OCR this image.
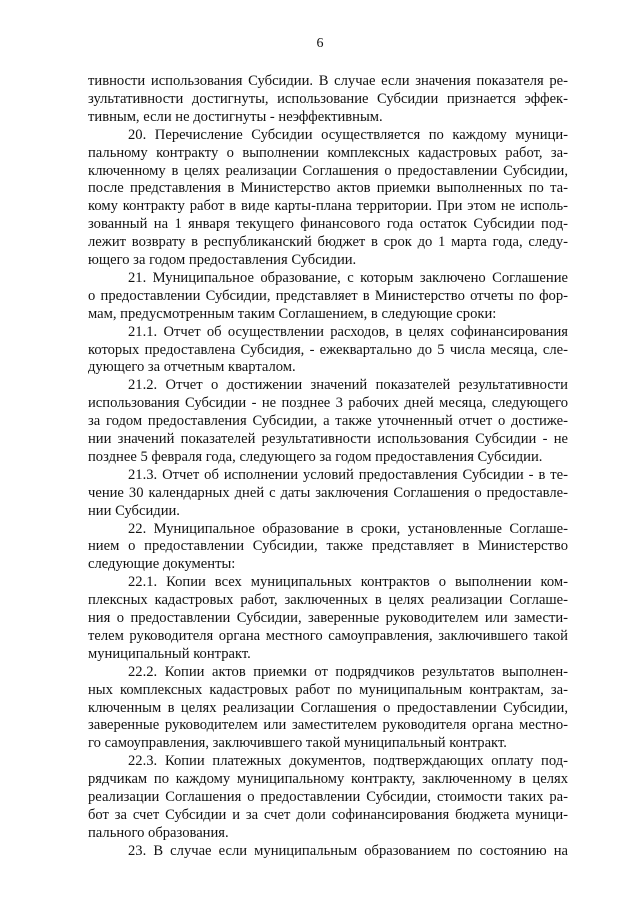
6
тивности использования Субсидии. В случае если значения показателя ре-
зультативности достигнуты, использование Субсидии признается эффек-
тивным, если не достигнуты - неэффективным.
20. Перечисление Субсидии осуществляется по каждому муници-
пальному контракту о выполнении комплексных кадастровых работ, за-
ключенному в целях реализации Соглашения о предоставлении Субсидии,
после представления в Министерство актов приемки выполненных по та-
кому контракту работ в виде карты-плана территории. При этом не исполь-
зованный на 1 января текущего финансового года остаток Субсидии под-
лежит возврату в республиканский бюджет в срок до 1 марта года, следу-
ющего за годом предоставления Субсидии.
21. Муниципальное образование, с которым заключено Соглашение
о предоставлении Субсидии, представляет в Министерство отчеты по фор-
мам, предусмотренным таким Соглашением, в следующие сроки:
21.1. Отчет об осуществлении расходов, в целях софинансирования
которых предоставлена Субсидия, - ежеквартально до 5 числа месяца, сле-
дующего за отчетным кварталом.
21.2. Отчет о достижении значений показателей результативности
использования Субсидии - не позднее 3 рабочих дней месяца, следующего
за годом предоставления Субсидии, а также уточненный отчет о достиже-
нии значений показателей результативности использования Субсидии - не
позднее 5 февраля года, следующего за годом предоставления Субсидии.
21.3. Отчет об исполнении условий предоставления Субсидии - в те-
чение 30 календарных дней с даты заключения Соглашения о предоставле-
нии Субсидии.
22. Муниципальное образование в сроки, установленные Соглаше-
нием о предоставлении Субсидии, также представляет в Министерство
следующие документы:
22.1. Копии всех муниципальных контрактов о выполнении ком-
плексных кадастровых работ, заключенных в целях реализации Соглаше-
ния о предоставлении Субсидии, заверенные руководителем или замести-
телем руководителя органа местного самоуправления, заключившего такой
муниципальный контракт.
22.2. Копии актов приемки от подрядчиков результатов выполнен-
ных комплексных кадастровых работ по муниципальным контрактам, за-
ключенным в целях реализации Соглашения о предоставлении Субсидии,
заверенные руководителем или заместителем руководителя органа местно-
го самоуправления, заключившего такой муниципальный контракт.
22.3. Копии платежных документов, подтверждающих оплату под-
рядчикам по каждому муниципальному контракту, заключенному в целях
реализации Соглашения о предоставлении Субсидии, стоимости таких ра-
бот за счет Субсидии и за счет доли софинансирования бюджета муници-
пального образования.
23. В случае если муниципальным образованием по состоянию на
